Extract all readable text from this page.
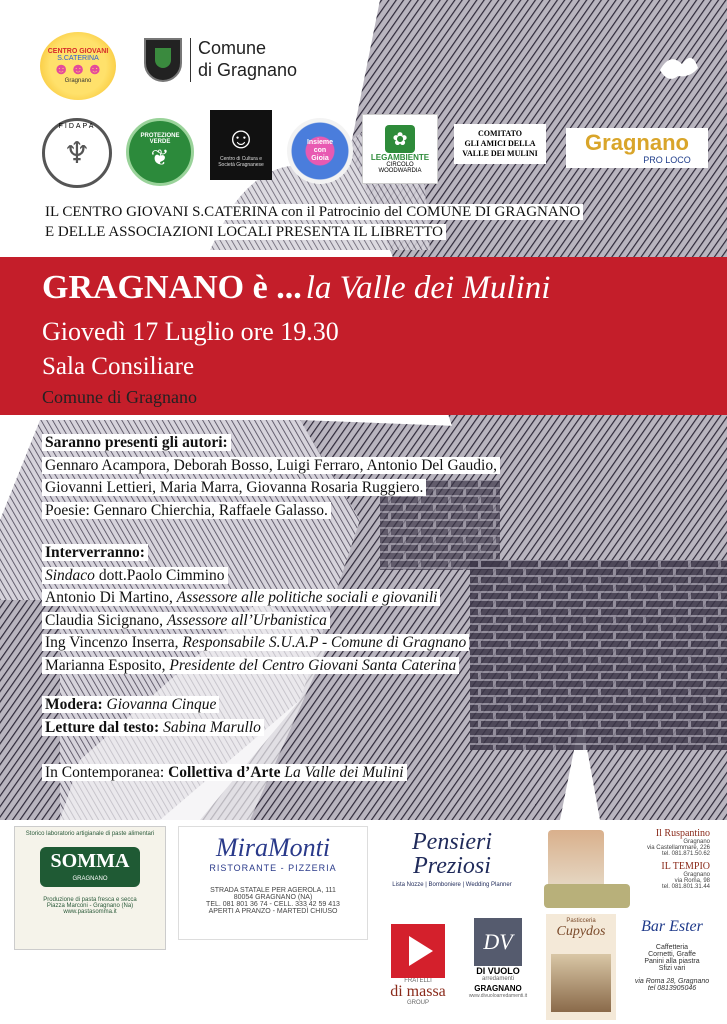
CENTRO GIOVANI
S.CATERINA
☻☻☻
Gragnano
Comune
di Gragnano
♆
FIDAPA
PROTEZIONE VERDE
❦
☺
Centro di Cultura e Società Gragnanese
Insieme con Gioia
✿
LEGAMBIENTE
CIRCOLO
WOODWARDIA
COMITATO
GLI AMICI DELLA
VALLE DEI MULINI Gragnano
PRO LOCO
IL CENTRO GIOVANI S.CATERINA con il Patrocinio del COMUNE DI GRAGNANO
E DELLE ASSOCIAZIONI LOCALI PRESENTA IL LIBRETTO
GRAGNANO è ... la Valle dei Mulini
Giovedì 17 Luglio ore 19.30
Sala Consiliare
Comune di Gragnano
Saranno presenti gli autori:
Gennaro Acampora, Deborah Bosso, Luigi Ferraro, Antonio Del Gaudio,
Giovanni Lettieri, Maria Marra, Giovanna Rosaria Ruggiero.
Poesie: Gennaro Chierchia, Raffaele Galasso.
Interverranno:
Sindaco dott.Paolo Cimmino
Antonio Di Martino, Assessore alle politiche sociali e giovanili
Claudia Sicignano, Assessore all’Urbanistica
Ing Vincenzo Inserra, Responsabile S.U.A.P - Comune di Gragnano
Marianna Esposito, Presidente del Centro Giovani Santa Caterina
Modera: Giovanna Cinque
Letture dal testo: Sabina Marullo
In Contemporanea: Collettiva d’Arte La Valle dei Mulini
Storico laboratorio artigianale di paste alimentari
SOMMA
GRAGNANO
Produzione di pasta fresca e secca
Piazza Marconi - Gragnano (Na)
www.pastasomma.it
MiraMonti
RISTORANTE - PIZZERIA
STRADA STATALE PER AGEROLA, 111
80054 GRAGNANO (NA)
TEL. 081 801 36 74 - CELL. 333 42 59 413
APERTI A PRANZO - MARTEDÌ CHIUSO
Pensieri
Preziosi
Lista Nozze | Bomboniere | Wedding Planner
Il Ruspantino
Gragnano
via Castellammare, 226
tel. 081.871.50.62
IL TEMPIO
Gragnano
via Roma, 98
tel. 081.801.31.44
FRATELLI
di massa
GROUP
DV
DI VUOLO
arredamenti
GRAGNANO
www.divuoloarredamenti.it
Pasticceria
Cupydos	Bar Ester
Caffetteria
Cornetti, Graffe
Panini alla piastra
Sfizi vari
via Roma 28, Gragnano
tel 0813905046
